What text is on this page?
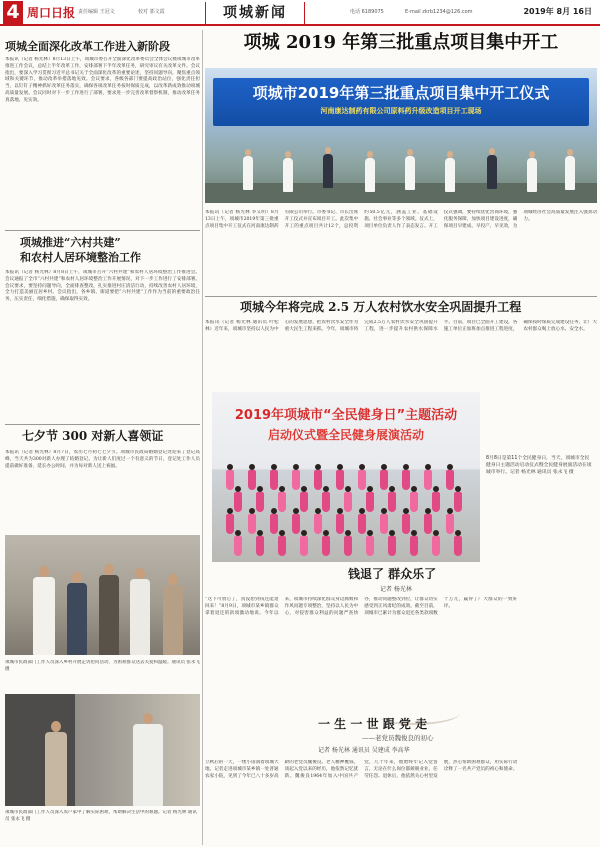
4 周口日报 责任编辑 王冠文	校对 郭文霞	项城新闻	电话 6189075	E-mail zkrb1234@126.com	2019年 8月 16日
项城全面深化改革工作进入新阶段
本报讯（记者 杨光林）8月13日上午，项城市委召开全面深化改革委员会全体会议暨项城市改革推进工作会议，总结上半年改革工作，安排部署下半年改革任务，研究审议有关改革文件。会议指出，要深入学习贯彻习近平总书记关于全面深化改革的重要论述，坚持问题导向，聚焦重点领域和关键环节，推动改革举措落地见效。会议要求，各级各部门要提高政治站位，强化责任担当，以钉钉子精神抓好改革任务落实，确保各项改革任务按时保质完成，以改革新成效推动项城高质量发展。会议同时对下一步工作进行了部署，要求进一步完善改革督察机制，推动改革任务真落地、见实效。
项城推进“六村共建”
和农村人居环境整治工作
本报讯（记者 杨光林）8月8日上午，项城市召开“六村共建”和农村人居环境整治工作推进会。会议通报了全市“六村共建”和农村人居环境整治工作开展情况，对下一步工作进行了安排部署。会议要求，要坚持问题导向，全面排查整改，扎实推进村庄清洁行动，持续改善农村人居环境，全力打造美丽宜居乡村。会议指出，各乡镇、街道要把“六村共建”工作作为当前的重要政治任务，压实责任，细化措施，确保取得实效。
七夕节 300 对新人喜领证
本报讯（记者 杨光林）8月7日，农历七月初七七夕节。项城市民政局婚姻登记处迎来了登记高峰，当天共为300对新人办理了结婚登记。为让新人们度过一个有意义的节日，登记处工作人员提前做好准备，延长办公时间，并为每对新人送上祝福。
项城市民政部门工作人员深入乡村开展走访慰问活动，为困难群众送去关爱和温暖。通讯员 张永飞 摄
项城市民政部门工作人员深入农户家中了解实际困难，帮助解决生活中的难题。记者 杨光林 通讯员 张永飞 摄
项城 2019 年第三批重点项目集中开工
项城市2019年第三批重点项目集中开工仪式
河南康达制药有限公司原料药升级改造项目开工现场
本报讯（记者 杨光林 李义明）8月13日上午，项城市2019年第三批重点项目集中开工仪式在河南康达制药有限公司举行。市委书记、市长出席开工仪式并宣布项目开工。此次集中开工的重点项目共计12个，总投资约50.5亿元，涵盖工业、基础设施、社会事业等多个领域。仪式上，项目单位负责人作了表态发言。开工仪式强调，要持续优化营商环境，强化服务保障，加快项目建设进度，确保项目早建成、早投产、早见效，为项城经济社会高质量发展注入强劲动力。
项城今年将完成 2.5 万人农村饮水安全巩固提升工程
本报讯（记者 杨光林 通讯员 叶松林）近年来，项城市坚持以人民为中心的发展思想，把农村饮水安全作为重大民生工程来抓。今年，项城市将完成2.5万人农村饮水安全巩固提升工程，进一步提升农村供水保障水平。目前，项目已全面开工建设，各施工单位正加班加点推进工程进度，确保按时保质完成建设任务，让广大农村群众喝上放心水、安全水。
2019年项城市“全民健身日”主题活动
启动仪式暨全民健身展演活动
8月8日是第11个全民健身日，当天，项城市全民健身日主题活动启动仪式暨全民健身展演活动在项城市举行。记者 杨光林 通讯员 张永飞 摄
钱退了 群众乐了
记者 杨光林
“这下可放心了，真没想到钱还能退回来！”8月9日，项城市某乡镇群众拿着退还的款项激动地说。今年以来，项城市持续深化群众身边腐败和作风问题专项整治，坚持以人民为中心，对侵害群众利益的问题严查快办，推动问题整改到位，让群众切实感受到正风肃纪的成效。截至目前，项城市已累计为群众退还各类款项数十万元，赢得了广大群众的一致好评。
一 生 一 世 跟 党 走
——老党员魏俊良的初心
记者 杨光林 通讯员 吴建成 李高华
立秋后的一天，一缕小雨润着项城大地。记者走进项城市某乡镇一处普通农家小院，见到了今年已八十多岁高龄的老党员魏俊良。老人精神矍铄，谈起入党以来的经历，他依然记忆犹新。魏俊良1964年加入中国共产党，几十年来，他始终牢记入党誓言，无论在什么岗位都兢兢业业、任劳任怨。退休后，他依然关心村里发展，热心帮助困难群众，用实际行动诠释了一名共产党员的初心和使命。
